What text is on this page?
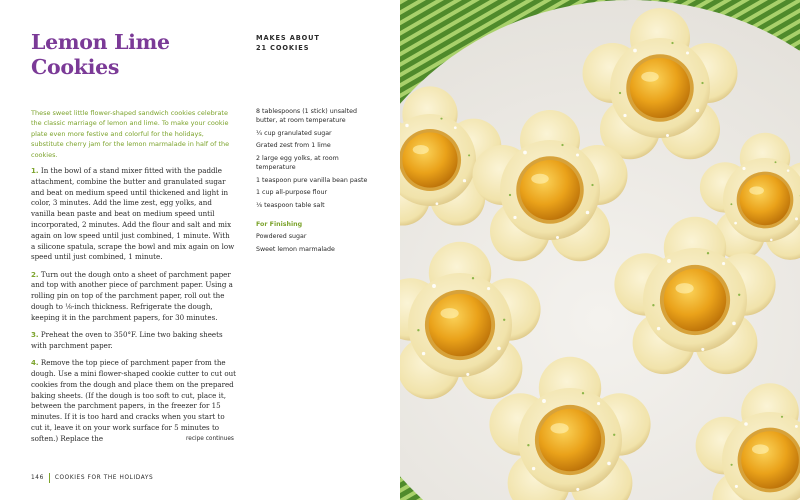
Lemon Lime
Cookies
MAKES ABOUT
21 COOKIES

These sweet little flower-shaped sandwich cookies celebrate the classic marriage of lemon and lime. To make your cookie plate even more festive and colorful for the holidays, substitute cherry jam for the lemon marmalade in half of the cookies.

1. In the bowl of a stand mixer fitted with the paddle attachment, combine the butter and granulated sugar and beat on medium speed until thickened and light in color, 3 minutes. Add the lime zest, egg yolks, and vanilla bean paste and beat on medium speed until incorporated, 2 minutes. Add the flour and salt and mix again on low speed until just combined, 1 minute. With a silicone spatula, scrape the bowl and mix again on low speed until just combined, 1 minute.

2. Turn out the dough onto a sheet of parchment paper and top with another piece of parchment paper. Using a rolling pin on top of the parchment paper, roll out the dough to ⅛-inch thickness. Refrigerate the dough, keeping it in the parchment papers, for 30 minutes.

3. Preheat the oven to 350°F. Line two baking sheets with parchment paper.

4. Remove the top piece of parchment paper from the dough. Use a mini flower-shaped cookie cutter to cut out cookies from the dough and place them on the prepared baking sheets. (If the dough is too soft to cut, place it, between the parchment papers, in the freezer for 15 minutes. If it is too hard and cracks when you start to cut it, leave it on your work surface for 5 minutes to soften.) Replace the	recipe continues
8 tablespoons (1 stick) unsalted butter, at room temperature
¼ cup granulated sugar
Grated zest from 1 lime
2 large egg yolks, at room temperature
1 teaspoon pure vanilla bean paste
1 cup all-purpose flour
⅛ teaspoon table salt
For Finishing
Powdered sugar
Sweet lemon marmalade
146 COOKIES FOR THE HOLIDAYS
